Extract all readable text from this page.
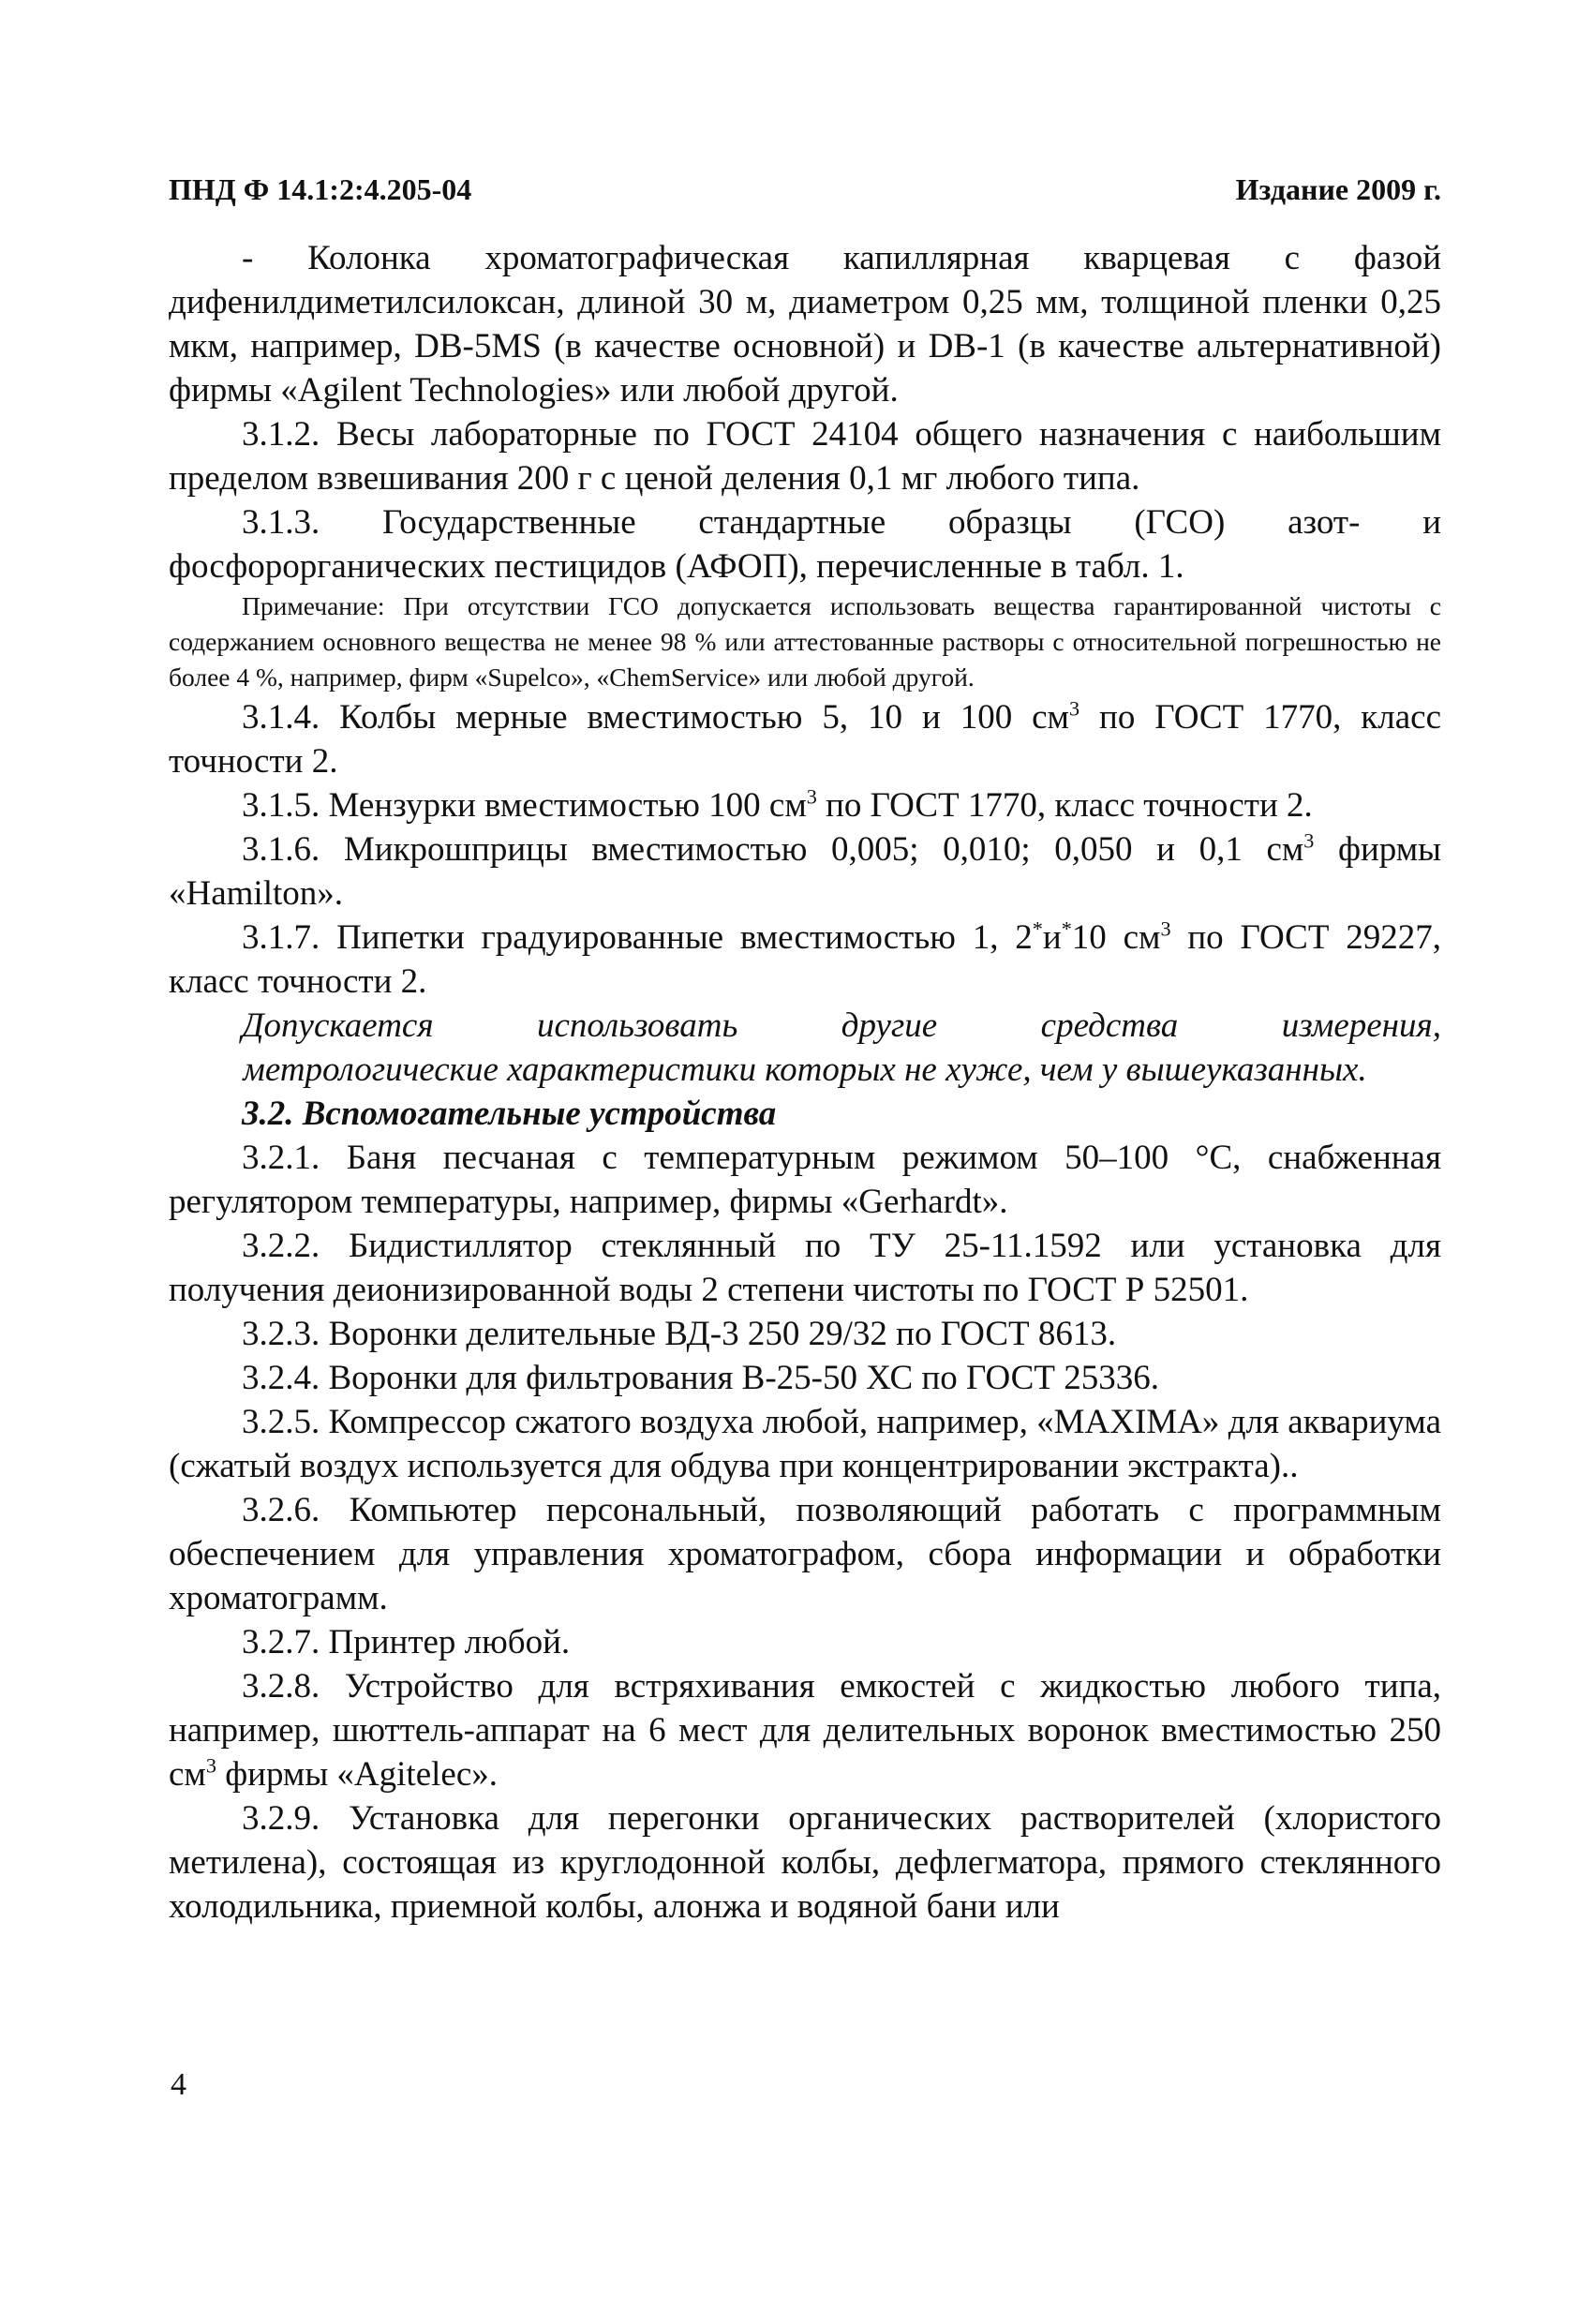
ПНД Ф 14.1:2:4.205-04	Издание 2009 г.

- Колонка хроматографическая капиллярная кварцевая с фазой дифенилдиметилсилоксан, длиной 30 м, диаметром 0,25 мм, толщиной пленки 0,25 мкм, например, DB-5MS (в качестве основной) и DB-1 (в качестве альтернативной) фирмы «Agilent Technologies» или любой другой.

3.1.2. Весы лабораторные по ГОСТ 24104 общего назначения с наибольшим пределом взвешивания 200 г с ценой деления 0,1 мг любого типа.

3.1.3. Государственные стандартные образцы (ГСО) азот- и фосфорорганических пестицидов (АФОП), перечисленные в табл. 1.

Примечание: При отсутствии ГСО допускается использовать вещества гарантированной чистоты с содержанием основного вещества не менее 98 % или аттестованные растворы с относительной погрешностью не более 4 %, например, фирм «Supelco», «ChemService» или любой другой.

3.1.4. Колбы мерные вместимостью 5, 10 и 100 $см^3$ по ГОСТ 1770, класс точности 2.

3.1.5. Мензурки вместимостью 100 $см^3$ по ГОСТ 1770, класс точности 2.

3.1.6. Микрошприцы вместимостью 0,005; 0,010; 0,050 и 0,1 $см^3$ фирмы «Hamilton».

3.1.7. Пипетки градуированные вместимостью 1, 2*и*10 $см^3$ по ГОСТ 29227, класс точности 2.

Допускается использовать другие средства измерения,

метрологические характеристики которых не хуже, чем у вышеуказанных.

3.2. Вспомогательные устройства

3.2.1. Баня песчаная с температурным режимом 50–100 °С, снабженная регулятором температуры, например, фирмы «Gerhardt».

3.2.2. Бидистиллятор стеклянный по ТУ 25-11.1592 или установка для получения деионизированной воды 2 степени чистоты по ГОСТ Р 52501.

3.2.3. Воронки делительные ВД-3 250 29/32 по ГОСТ 8613.

3.2.4. Воронки для фильтрования В-25-50 ХС по ГОСТ 25336.

3.2.5. Компрессор сжатого воздуха любой, например, «MAXIMA» для аквариума (сжатый воздух используется для обдува при концентрировании экстракта)..

3.2.6. Компьютер персональный, позволяющий работать с программным обеспечением для управления хроматографом, сбора информации и обработки хроматограмм.

3.2.7. Принтер любой.

3.2.8. Устройство для встряхивания емкостей с жидкостью любого типа, например, шюттель-аппарат на 6 мест для делительных воронок вместимостью 250 $см^3$ фирмы «Agitelec».

3.2.9. Установка для перегонки органических растворителей (хлористого метилена), состоящая из круглодонной колбы, дефлегматора, прямого стеклянного холодильника, приемной колбы, алонжа и водяной бани или

4
